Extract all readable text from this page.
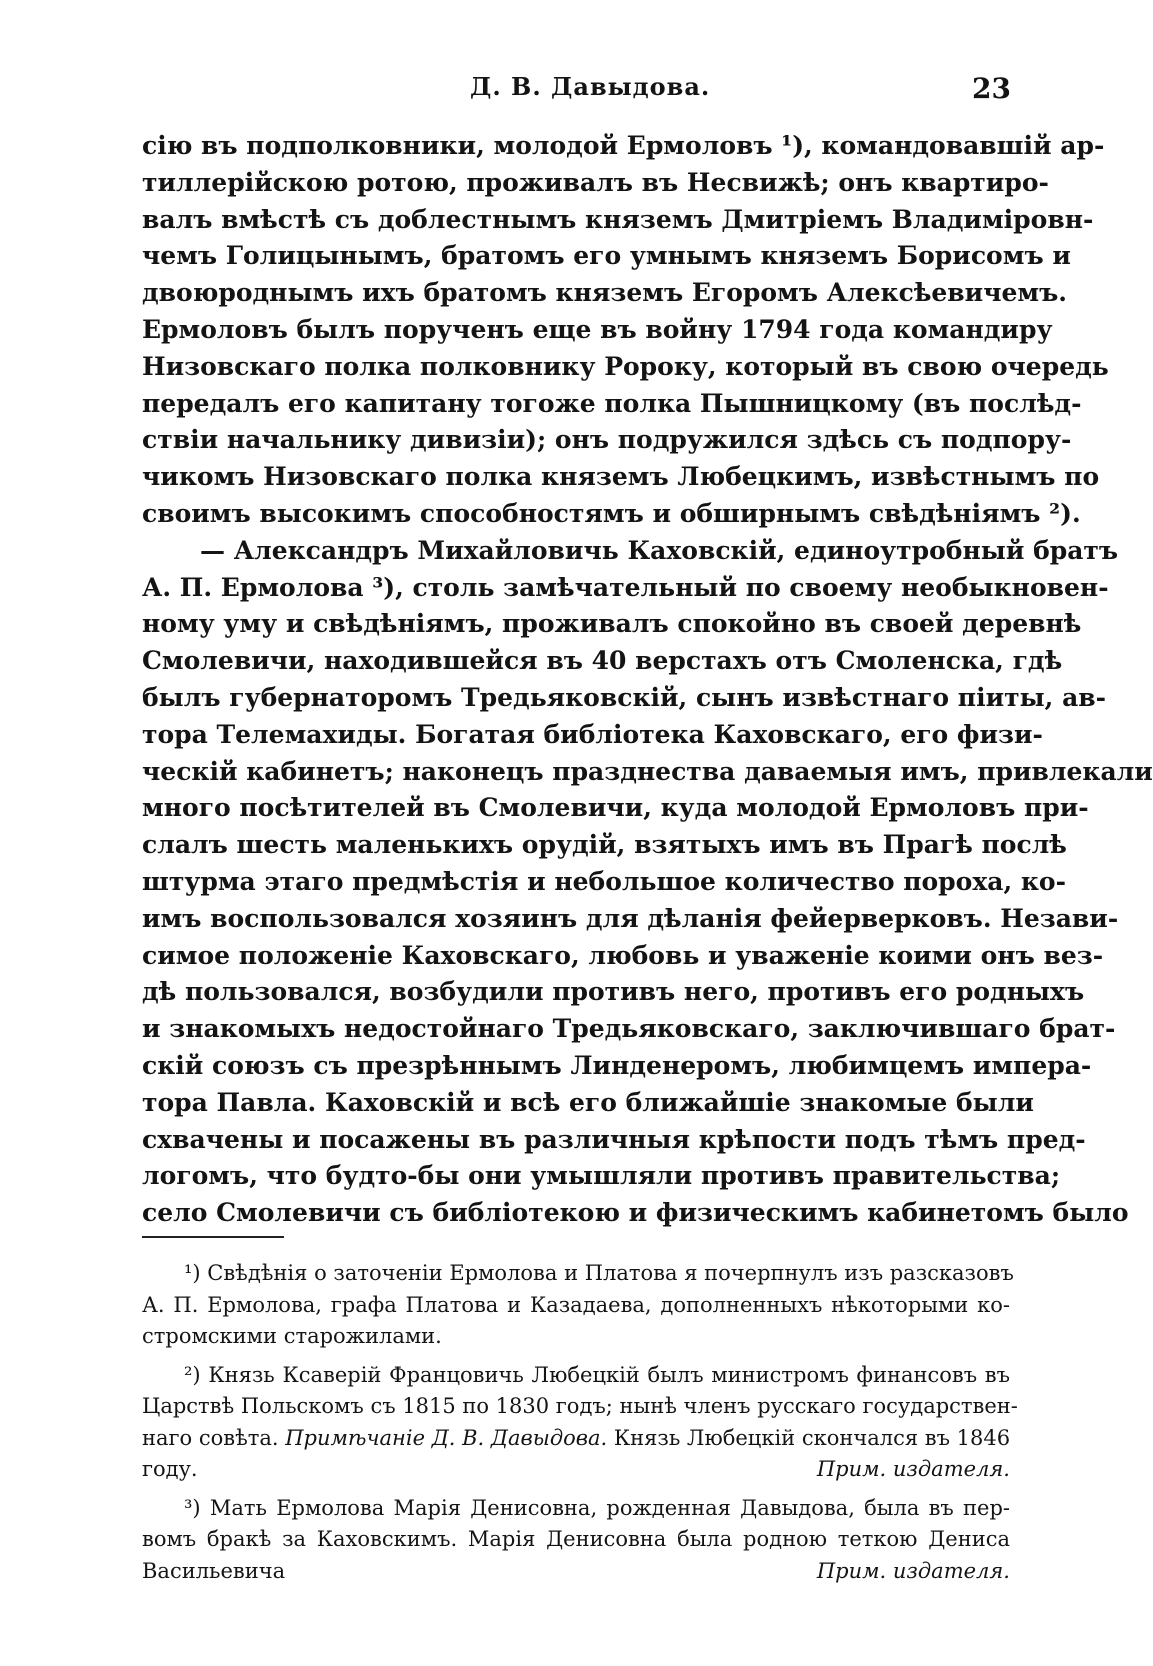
Д. В. Давыдова.	23
сію въ подполковники, молодой Ермоловъ ¹), командовавшій ар-
тиллерійскою ротою, проживалъ въ Несвижѣ; онъ квартиро-
валъ вмѣстѣ съ доблестнымъ княземъ Дмитріемъ Владиміровн-
чемъ Голицынымъ, братомъ его умнымъ княземъ Борисомъ и
двоюроднымъ ихъ братомъ княземъ Егоромъ Алексѣевичемъ.
Ермоловъ былъ порученъ еще въ войну 1794 года командиру
Низовскаго полка полковнику Ророку, который въ свою очередь
передалъ его капитану тогоже полка Пышницкому (въ послѣд-
ствіи начальнику дивизіи); онъ подружился здѣсь съ подпору-
чикомъ Низовскаго полка княземъ Любецкимъ, извѣстнымъ по
своимъ высокимъ способностямъ и обширнымъ свѣдѣніямъ ²).
— Александръ Михайловичь Каховскій, единоутробный братъ
А. П. Ермолова ³), столь замѣчательный по своему необыкновен-
ному уму и свѣдѣніямъ, проживалъ спокойно въ своей деревнѣ
Смолевичи, находившейся въ 40 верстахъ отъ Смоленска, гдѣ
былъ губернаторомъ Тредьяковскій, сынъ извѣстнаго піиты, ав-
тора Телемахиды. Богатая библіотека Каховскаго, его физи-
ческій кабинетъ; наконецъ празднества даваемыя имъ, привлекали
много посѣтителей въ Смолевичи, куда молодой Ермоловъ при-
слалъ шесть маленькихъ орудій, взятыхъ имъ въ Прагѣ послѣ
штурма этаго предмѣстія и небольшое количество пороха, ко-
имъ воспользовался хозяинъ для дѣланія фейерверковъ. Незави-
симое положеніе Каховскаго, любовь и уваженіе коими онъ вез-
дѣ пользовался, возбудили противъ него, противъ его родныхъ
и знакомыхъ недостойнаго Тредьяковскаго, заключившаго брат-
скій союзъ съ презрѣннымъ Линденеромъ, любимцемъ импера-
тора Павла. Каховскій и всѣ его ближайшіе знакомые были
схвачены и посажены въ различныя крѣпости подъ тѣмъ пред-
логомъ, что будто-бы они умышляли противъ правительства;
село Смолевичи съ библіотекою и физическимъ кабинетомъ было
¹) Свѣдѣнія о заточеніи Ермолова и Платова я почерпнулъ изъ разсказовъ
А. П. Ермолова, графа Платова и Казадаева, дополненныхъ нѣкоторыми ко-
стромскими старожилами.
²) Князь Ксаверій Францовичь Любецкій былъ министромъ финансовъ въ
Царствѣ Польскомъ съ 1815 по 1830 годъ; нынѣ членъ русскаго государствен-
наго совѣта. Примѣчаніе Д. В. Давыдова. Князь Любецкій скончался въ 1846
году.	Прим. издателя.
³) Мать Ермолова Марія Денисовна, рожденная Давыдова, была въ пер-
вомъ бракѣ за Каховскимъ. Марія Денисовна была родною теткою Дениса
Васильевича	Прим. издателя.
